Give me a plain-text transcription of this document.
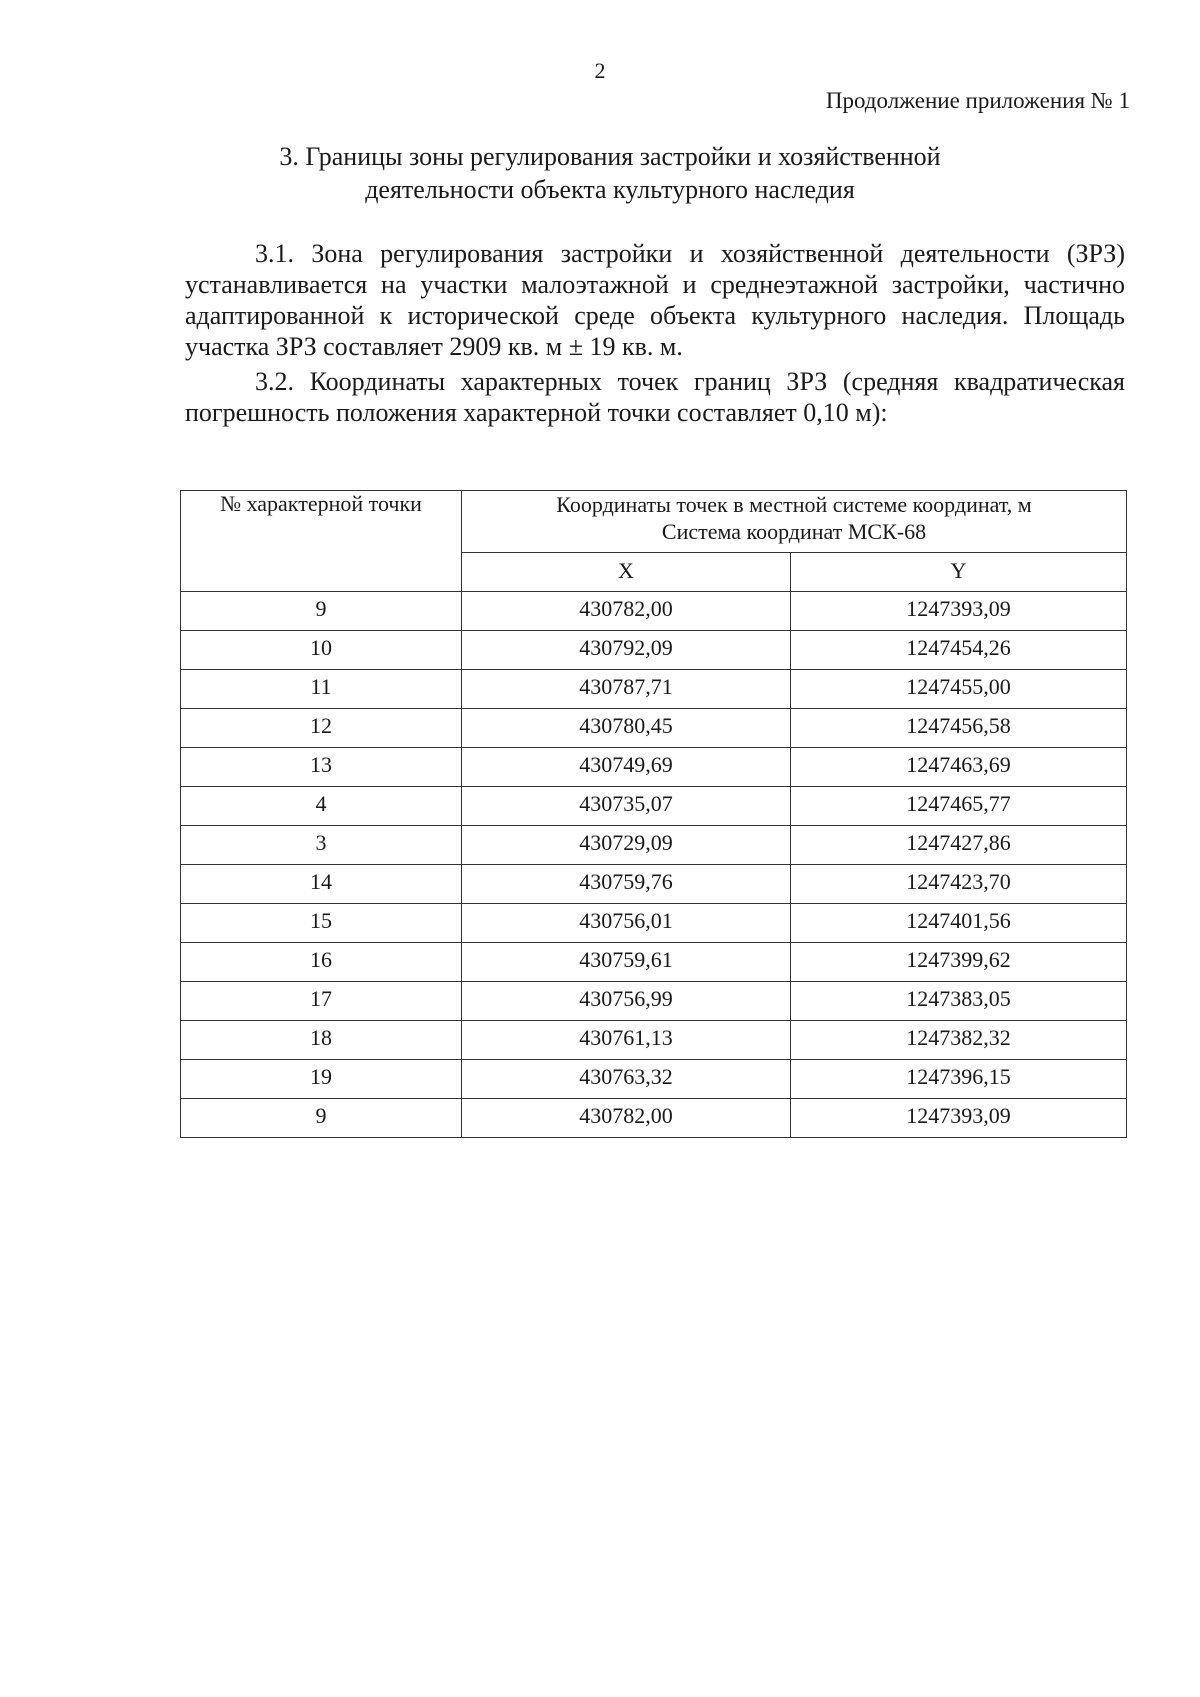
2
Продолжение приложения № 1
3. Границы зоны регулирования застройки и хозяйственной
деятельности объекта культурного наследия
3.1. Зона регулирования застройки и хозяйственной деятельности (ЗРЗ) устанавливается на участки малоэтажной и среднеэтажной застройки, частично адаптированной к исторической среде объекта культурного наследия. Площадь участка ЗРЗ составляет 2909 кв. м ± 19 кв. м.
3.2. Координаты характерных точек границ ЗРЗ (средняя квадратическая погрешность положения характерной точки составляет 0,10 м):
№ характерной точки	Координаты точек в местной системе координат, м
Система координат МСК-68	

	X	Y
9	430782,00	1247393,09
10	430792,09	1247454,26
11	430787,71	1247455,00
12	430780,45	1247456,58
13	430749,69	1247463,69
4	430735,07	1247465,77
3	430729,09	1247427,86
14	430759,76	1247423,70
15	430756,01	1247401,56
16	430759,61	1247399,62
17	430756,99	1247383,05
18	430761,13	1247382,32
19	430763,32	1247396,15
9	430782,00	1247393,09
